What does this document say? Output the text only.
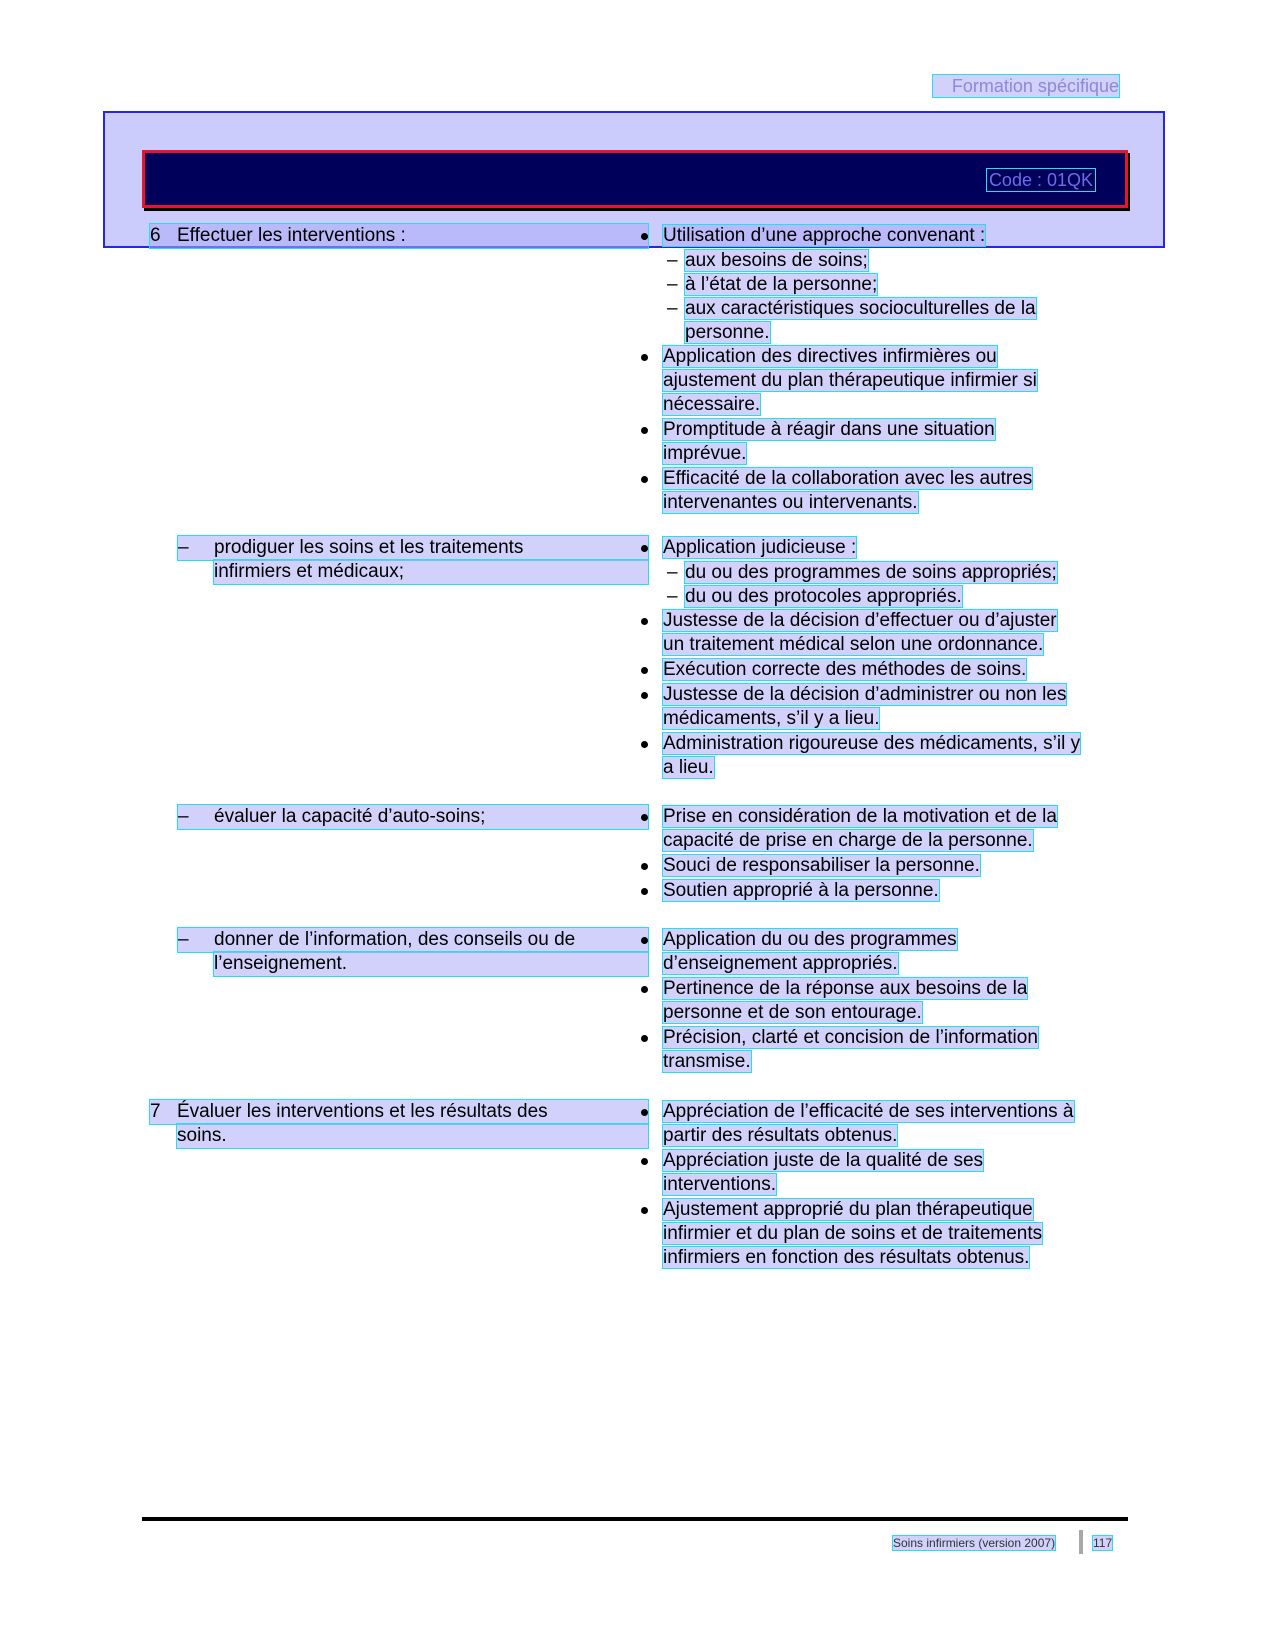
Formation spécifique
Code : 01QK
6 Effectuer les interventions :
– prodiguer les soins et les traitements
infirmiers et médicaux;
– évaluer la capacité d’auto-soins;
– donner de l’information, des conseils ou de
l’enseignement.
7 Évaluer les interventions et les résultats des
soins.
Utilisation d’une approche convenant :
– aux besoins de soins;
– à l’état de la personne;
– aux caractéristiques socioculturelles de la
personne.
Application des directives infirmières ou
ajustement du plan thérapeutique infirmier si
nécessaire.
Promptitude à réagir dans une situation
imprévue.
Efficacité de la collaboration avec les autres
intervenantes ou intervenants.
Application judicieuse :
– du ou des programmes de soins appropriés;
– du ou des protocoles appropriés.
Justesse de la décision d’effectuer ou d’ajuster
un traitement médical selon une ordonnance.
Exécution correcte des méthodes de soins.
Justesse de la décision d’administrer ou non les
médicaments, s’il y a lieu.
Administration rigoureuse des médicaments, s’il y
a lieu.
Prise en considération de la motivation et de la
capacité de prise en charge de la personne.
Souci de responsabiliser la personne.
Soutien approprié à la personne.
Application du ou des programmes
d’enseignement appropriés.
Pertinence de la réponse aux besoins de la
personne et de son entourage.
Précision, clarté et concision de l’information
transmise.
Appréciation de l’efficacité de ses interventions à
partir des résultats obtenus.
Appréciation juste de la qualité de ses
interventions.
Ajustement approprié du plan thérapeutique
infirmier et du plan de soins et de traitements
infirmiers en fonction des résultats obtenus.
Soins infirmiers (version 2007)	117
